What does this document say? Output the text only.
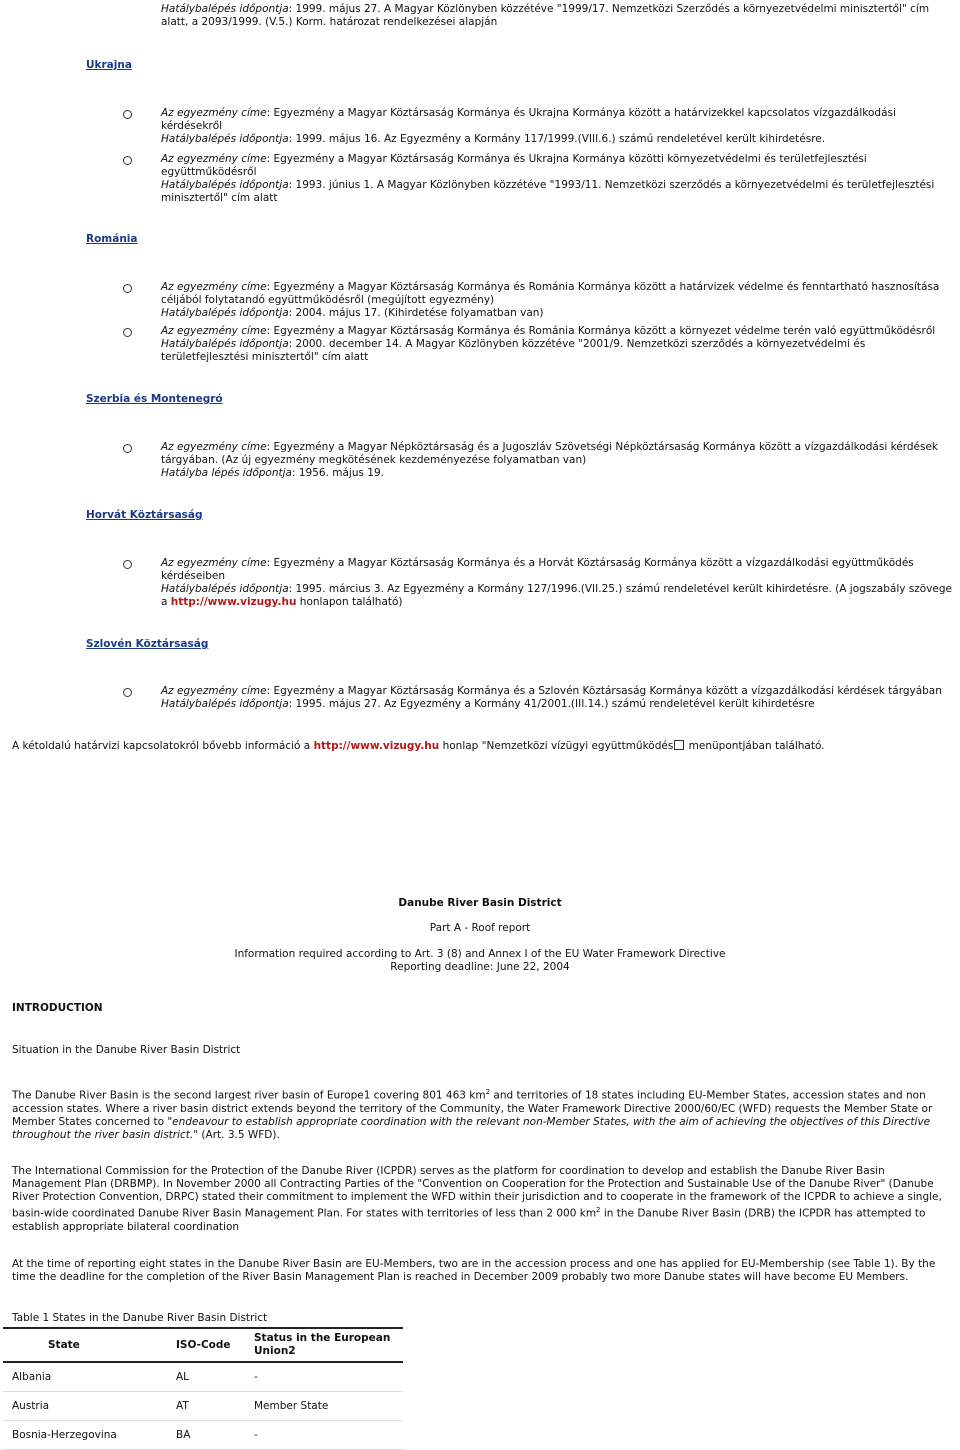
Hatálybalépés időpontja: 1999. május 27. A Magyar Közlönyben közzétéve "1999/17. Nemzetközi Szerződés a környezetvédelmi minisztertől" cím
alatt, a 2093/1999. (V.5.) Korm. határozat rendelkezései alapján
Ukrajna
Az egyezmény címe: Egyezmény a Magyar Köztársaság Kormánya és Ukrajna Kormánya között a határvizekkel kapcsolatos vízgazdálkodási kérdésekről
Hatálybalépés időpontja: 1999. május 16. Az Egyezmény a Kormány 117/1999.(VIII.6.) számú rendeletével került kihirdetésre.
Az egyezmény címe: Egyezmény a Magyar Köztársaság Kormánya és Ukrajna Kormánya közötti környezetvédelmi és területfejlesztési együttműködésről
Hatálybalépés időpontja: 1993. június 1. A Magyar Közlönyben közzétéve "1993/11. Nemzetközi szerződés a környezetvédelmi és területfejlesztési minisztertől" cím alatt
Románia
Az egyezmény címe: Egyezmény a Magyar Köztársaság Kormánya és Románia Kormánya között a határvizek védelme és fenntartható hasznosítása céljából folytatandó együttműködésről (megújított egyezmény)
Hatálybalépés időpontja: 2004. május 17. (Kihirdetése folyamatban van)
Az egyezmény címe: Egyezmény a Magyar Köztársaság Kormánya és Románia Kormánya között a környezet védelme terén való együttműködésről
Hatálybalépés időpontja: 2000. december 14. A Magyar Közlönyben közzétéve "2001/9. Nemzetközi szerződés a környezetvédelmi és területfejlesztési minisztertől" cím alatt
Szerbia és Montenegró
Az egyezmény címe: Egyezmény a Magyar Népköztársaság és a Jugoszláv Szövetségi Népköztársaság Kormánya között a vízgazdálkodási kérdések tárgyában. (Az új egyezmény megkötésének kezdeményezése folyamatban van)
Hatályba lépés időpontja: 1956. május 19.
Horvát Köztársaság
Az egyezmény címe: Egyezmény a Magyar Köztársaság Kormánya és a Horvát Köztársaság Kormánya között a vízgazdálkodási együttműködés kérdéseiben
Hatálybalépés időpontja: 1995. március 3. Az Egyezmény a Kormány 127/1996.(VII.25.) számú rendeletével került kihirdetésre. (A jogszabály szövege a http://www.vizugy.hu honlapon található)
Szlovén Köztársaság
Az egyezmény címe: Egyezmény a Magyar Köztársaság Kormánya és a Szlovén Köztársaság Kormánya között a vízgazdálkodási kérdések tárgyában
Hatálybalépés időpontja: 1995. május 27. Az Egyezmény a Kormány 41/2001.(III.14.) számú rendeletével került kihirdetésre
A kétoldalú határvizi kapcsolatokról bővebb információ a http://www.vizugy.hu honlap "Nemzetközi vízügyi együttműködés menüpontjában található.
Danube River Basin District
Part A - Roof report
Information required according to Art. 3 (8) and Annex I of the EU Water Framework Directive
Reporting deadline: June 22, 2004
INTRODUCTION
Situation in the Danube River Basin District
The Danube River Basin is the second largest river basin of Europe1 covering 801 463 $km^2$ and territories of 18 states including EU-Member States, accession states and non accession states. Where a river basin district extends beyond the territory of the Community, the Water Framework Directive 2000/60/EC (WFD) requests the Member State or Member States concerned to "endeavour to establish appropriate coordination with the relevant non-Member States, with the aim of achieving the objectives of this Directive throughout the river basin district." (Art. 3.5 WFD).
The International Commission for the Protection of the Danube River (ICPDR) serves as the platform for coordination to develop and establish the Danube River Basin Management Plan (DRBMP). In November 2000 all Contracting Parties of the "Convention on Cooperation for the Protection and Sustainable Use of the Danube River" (Danube River Protection Convention, DRPC) stated their commitment to implement the WFD within their jurisdiction and to cooperate in the framework of the ICPDR to achieve a single, basin-wide coordinated Danube River Basin Management Plan. For states with territories of less than 2 000 $km^2$ in the Danube River Basin (DRB) the ICPDR has attempted to establish appropriate bilateral coordination
At the time of reporting eight states in the Danube River Basin are EU-Members, two are in the accession process and one has applied for EU-Membership (see Table 1). By the time the deadline for the completion of the River Basin Management Plan is reached in December 2009 probably two more Danube states will have become EU Members.
Table 1 States in the Danube River Basin District
State	ISO-Code	Status in the European Union2
Albania	AL	-
Austria	AT	Member State
Bosnia-Herzegovina	BA	-
